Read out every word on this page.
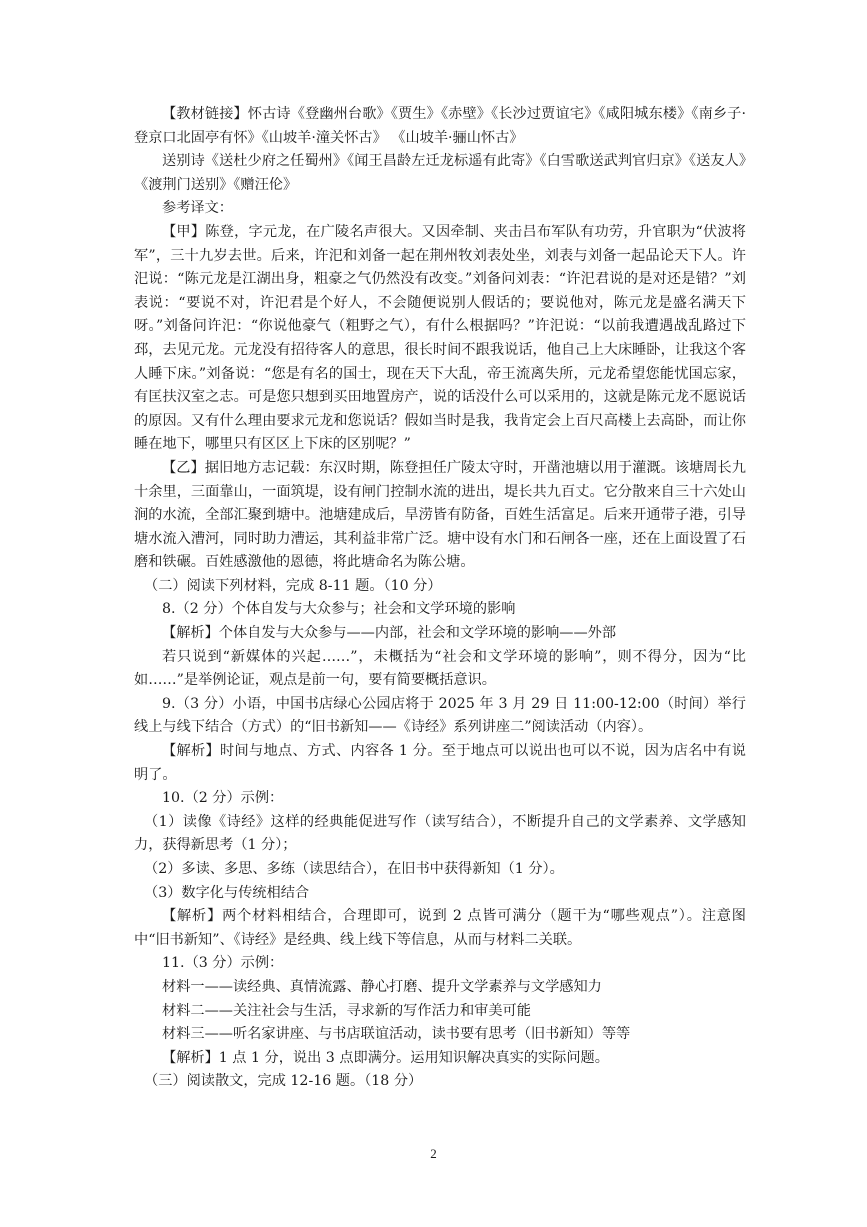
【教材链接】怀古诗《登幽州台歌》《贾生》《赤壁》《长沙过贾谊宅》《咸阳城东楼》《南乡子·登京口北固亭有怀》《山坡羊·潼关怀古》 《山坡羊·骊山怀古》

送别诗《送杜少府之任蜀州》《闻王昌龄左迁龙标遥有此寄》《白雪歌送武判官归京》《送友人》《渡荆门送别》《赠汪伦》

参考译文：

【甲】陈登，字元龙，在广陵名声很大。又因牵制、夹击吕布军队有功劳，升官职为“伏波将军”，三十九岁去世。后来，许汜和刘备一起在荆州牧刘表处坐，刘表与刘备一起品论天下人。许汜说：“陈元龙是江湖出身，粗豪之气仍然没有改变。”刘备问刘表：“许汜君说的是对还是错？”刘表说：“要说不对，许汜君是个好人，不会随便说别人假话的；要说他对，陈元龙是盛名满天下呀。”刘备问许汜：“你说他豪气（粗野之气），有什么根据吗？”许汜说：“以前我遭遇战乱路过下邳，去见元龙。元龙没有招待客人的意思，很长时间不跟我说话，他自己上大床睡卧，让我这个客人睡下床。”刘备说：“您是有名的国士，现在天下大乱，帝王流离失所，元龙希望您能忧国忘家，有匡扶汉室之志。可是您只想到买田地置房产，说的话没什么可以采用的，这就是陈元龙不愿说话的原因。又有什么理由要求元龙和您说话？假如当时是我，我肯定会上百尺高楼上去高卧，而让你睡在地下，哪里只有区区上下床的区别呢？”

【乙】据旧地方志记载：东汉时期，陈登担任广陵太守时，开凿池塘以用于灌溉。该塘周长九十余里，三面靠山，一面筑堤，设有闸门控制水流的进出，堤长共九百丈。它分散来自三十六处山涧的水流，全部汇聚到塘中。池塘建成后，旱涝皆有防备，百姓生活富足。后来开通带子港，引导塘水流入漕河，同时助力漕运，其利益非常广泛。塘中设有水门和石闸各一座，还在上面设置了石磨和铁碾。百姓感激他的恩德，将此塘命名为陈公塘。

（二）阅读下列材料，完成 8-11 题。（10 分）

8.（2 分）个体自发与大众参与；社会和文学环境的影响

【解析】个体自发与大众参与——内部，社会和文学环境的影响——外部

若只说到“新媒体的兴起……”，未概括为“社会和文学环境的影响”，则不得分，因为“比如……”是举例论证，观点是前一句，要有简要概括意识。

9.（3 分）小语，中国书店绿心公园店将于 2025 年 3 月 29 日 11:00-12:00（时间）举行线上与线下结合（方式）的“旧书新知——《诗经》系列讲座二”阅读活动（内容）。

【解析】时间与地点、方式、内容各 1 分。至于地点可以说出也可以不说，因为店名中有说明了。

10.（2 分）示例：

（1）读像《诗经》这样的经典能促进写作（读写结合），不断提升自己的文学素养、文学感知力，获得新思考（1 分）；

（2）多读、多思、多练（读思结合），在旧书中获得新知（1 分）。

（3）数字化与传统相结合

【解析】两个材料相结合，合理即可，说到 2 点皆可满分（题干为“哪些观点”）。注意图中“旧书新知”、《诗经》是经典、线上线下等信息，从而与材料二关联。

11.（3 分）示例：

材料一——读经典、真情流露、静心打磨、提升文学素养与文学感知力

材料二——关注社会与生活，寻求新的写作活力和审美可能

材料三——听名家讲座、与书店联谊活动，读书要有思考（旧书新知）等等

【解析】1 点 1 分，说出 3 点即满分。运用知识解决真实的实际问题。

（三）阅读散文，完成 12-16 题。（18 分）

2
